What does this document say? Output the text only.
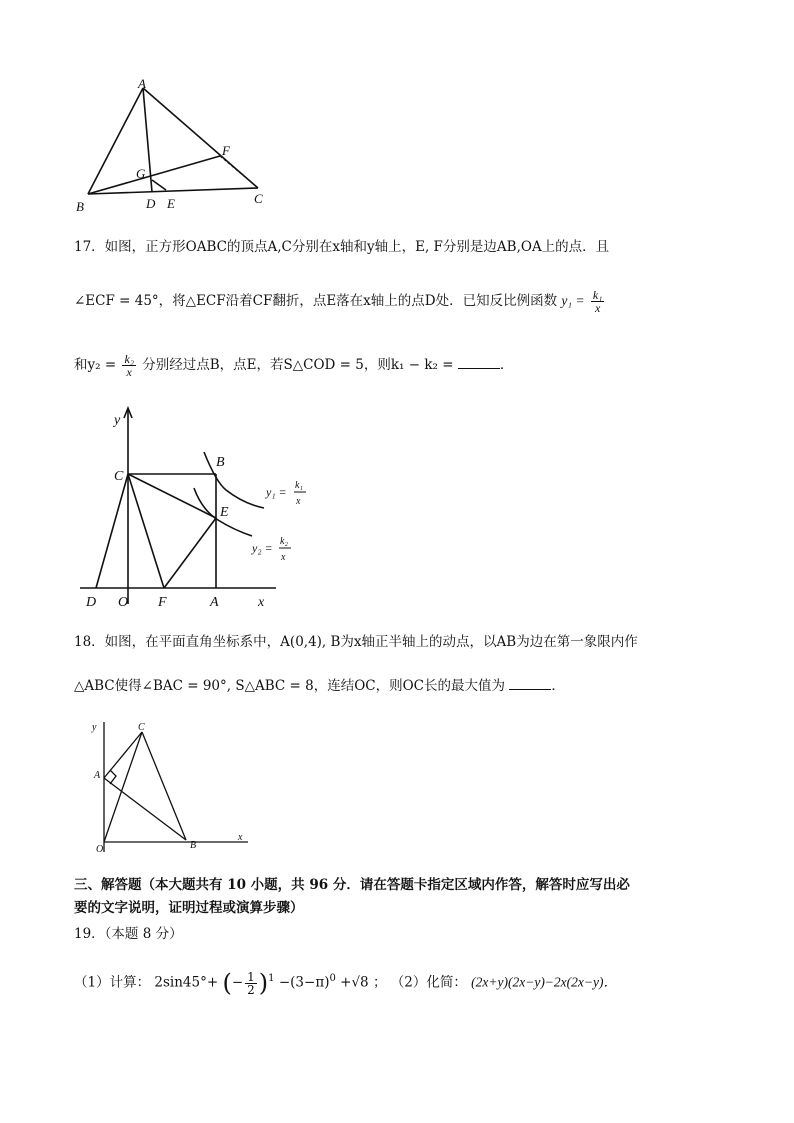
A
B
C
D E
F
G
17．如图，正方形OABC的顶点A,C分别在x轴和y轴上，E, F分别是边AB,OA上的点．且
∠ECF = 45°，将△ECF沿着CF翻折，点E落在x轴上的点D处．已知反比例函数 $y_1 = \frac{\text{k₁}}{x}$
和$y_2 = \frac{\text{k₂}}{x}$ 分别经过点B，点E，若S△COD = 5，则k₁ − k₂ =	．
y
C
B
E
D O F	A	x
y₁ = k₁
x
y₂ = k₂
x
18．如图，在平面直角坐标系中，A(0,4), B为x轴正半轴上的动点，以AB为边在第一象限内作
△ABC使得∠BAC = 90°, S△ABC = 8，连结OC，则OC长的最大值为	．
y	C
A
O	B
x
三、解答题（本大题共有 10 小题，共 96 分．请在答题卡指定区域内作答，解答时应写出必
要的文字说明，证明过程或演算步骤）
19．（本题 8 分）
（1）计算： 2sin45°+ (− $\frac{1}{2} )^1 -(3-\pi)^0 +√8$ ； （2）化简： (2x+y)(2x−y)−2x(2x−y)．
